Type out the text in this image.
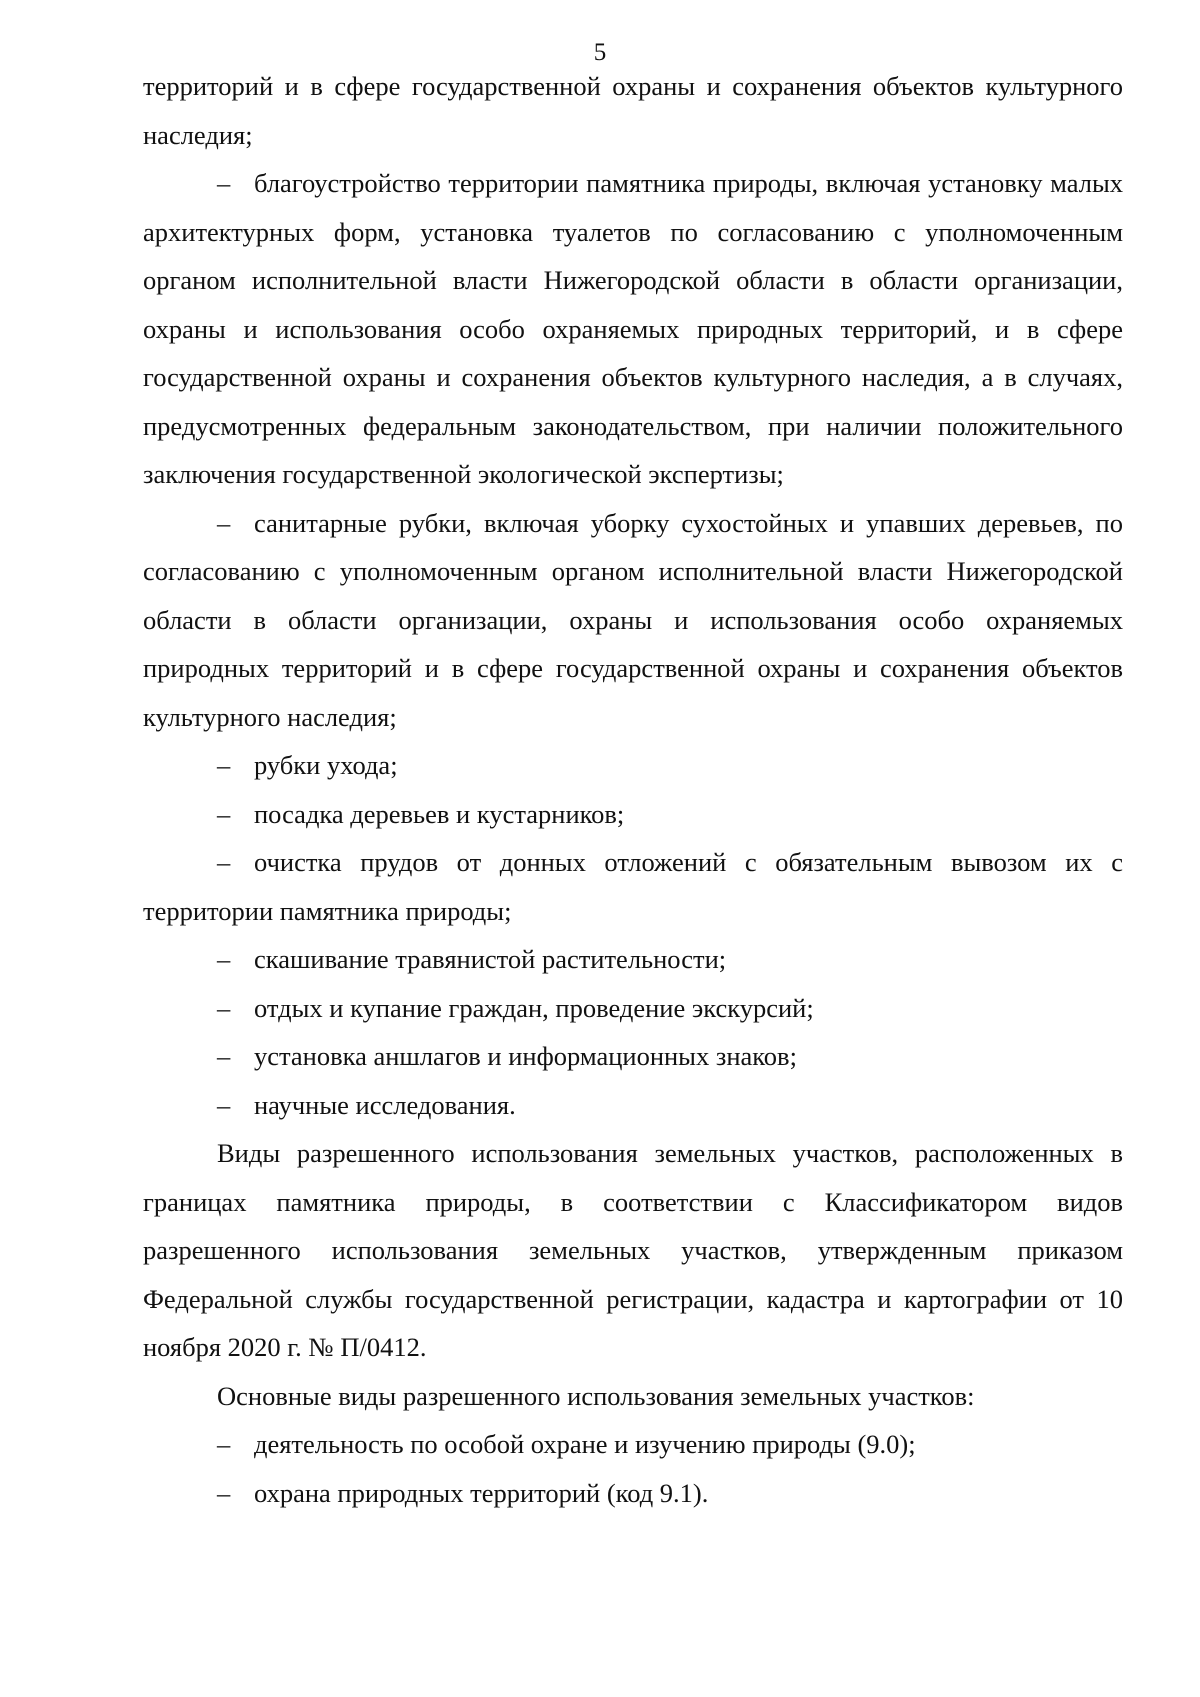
5

территорий и в сфере государственной охраны и сохранения объектов культурного наследия;

– благоустройство территории памятника природы, включая установку малых архитектурных форм, установка туалетов по согласованию с уполномоченным органом исполнительной власти Нижегородской области в области организации, охраны и использования особо охраняемых природных территорий, и в сфере государственной охраны и сохранения объектов культурного наследия, а в случаях, предусмотренных федеральным законодательством, при наличии положительного заключения государственной экологической экспертизы;

– санитарные рубки, включая уборку сухостойных и упавших деревьев, по согласованию с уполномоченным органом исполнительной власти Нижегородской области в области организации, охраны и использования особо охраняемых природных территорий и в сфере государственной охраны и сохранения объектов культурного наследия;

– рубки ухода;

– посадка деревьев и кустарников;

– очистка прудов от донных отложений с обязательным вывозом их с территории памятника природы;

– скашивание травянистой растительности;

– отдых и купание граждан, проведение экскурсий;

– установка аншлагов и информационных знаков;

– научные исследования.

Виды разрешенного использования земельных участков, расположенных в границах памятника природы, в соответствии с Классификатором видов разрешенного использования земельных участков, утвержденным приказом Федеральной службы государственной регистрации, кадастра и картографии от 10 ноября 2020 г. № П/0412.

Основные виды разрешенного использования земельных участков:

– деятельность по особой охране и изучению природы (9.0);

– охрана природных территорий (код 9.1).
